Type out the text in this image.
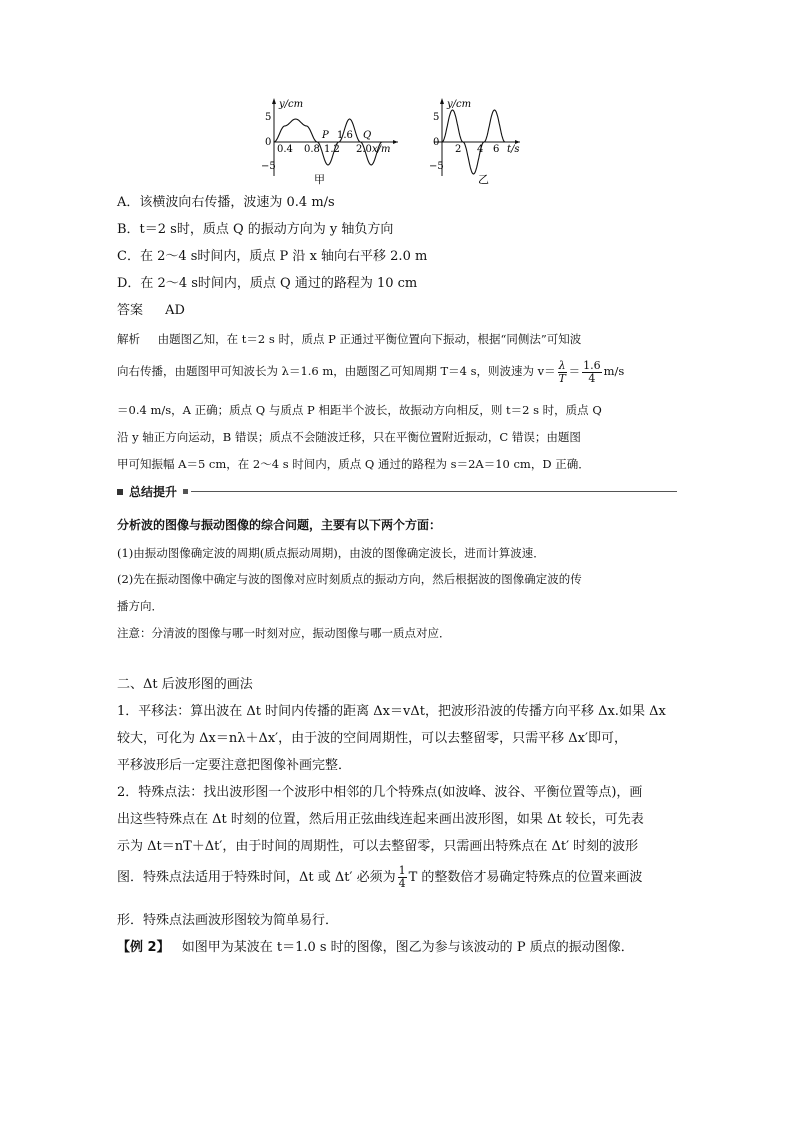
y/cm
5
0
−5
0.4 0.8 1.2 2.0 x/m
P 1.6 Q
甲
y/cm
5
0
−5
2 4 6 t/s
乙
A．该横波向右传播，波速为 0.4 m/s
B．t＝2 s时，质点 Q 的振动方向为 y 轴负方向
C．在 2～4 s时间内，质点 P 沿 x 轴向右平移 2.0 m
D．在 2～4 s时间内，质点 Q 通过的路程为 10 cm
答案 AD
解析 由题图乙知，在 t＝2 s 时，质点 P 正通过平衡位置向下振动，根据“同侧法”可知波
向右传播，由题图甲可知波长为 λ＝1.6 m，由题图乙可知周期 T＝4 s，则波速为 $v= \frac{\lambda}{T} = \frac{1.6}{4} m/s$
＝0.4 m/s，A 正确；质点 Q 与质点 P 相距半个波长，故振动方向相反，则 t＝2 s 时，质点 Q
沿 y 轴正方向运动，B 错误；质点不会随波迁移，只在平衡位置附近振动，C 错误；由题图
甲可知振幅 A＝5 cm，在 2～4 s 时间内，质点 Q 通过的路程为 s＝2A＝10 cm，D 正确．
总结提升
分析波的图像与振动图像的综合问题，主要有以下两个方面：
(1)由振动图像确定波的周期(质点振动周期)，由波的图像确定波长，进而计算波速．
(2)先在振动图像中确定与波的图像对应时刻质点的振动方向，然后根据波的图像确定波的传
播方向．
注意：分清波的图像与哪一时刻对应，振动图像与哪一质点对应．
二、Δt 后波形图的画法
1．平移法：算出波在 Δt 时间内传播的距离 Δx＝vΔt，把波形沿波的传播方向平移 Δx.如果 Δx
较大，可化为 Δx＝nλ＋Δx′，由于波的空间周期性，可以去整留零，只需平移 Δx′即可，
平移波形后一定要注意把图像补画完整．
2．特殊点法：找出波形图一个波形中相邻的几个特殊点(如波峰、波谷、平衡位置等点)，画
出这些特殊点在 Δt 时刻的位置，然后用正弦曲线连起来画出波形图，如果 Δt 较长，可先表
示为 Δt＝nT＋Δt′，由于时间的周期性，可以去整留零，只需画出特殊点在 Δt′ 时刻的波形
图．特殊点法适用于特殊时间，Δt 或 Δt′ 必须为 $\frac{1}{4}$ T 的整数倍才易确定特殊点的位置来画波
形．特殊点法画波形图较为简单易行．
【例 2】 如图甲为某波在 t＝1.0 s 时的图像，图乙为参与该波动的 P 质点的振动图像．
